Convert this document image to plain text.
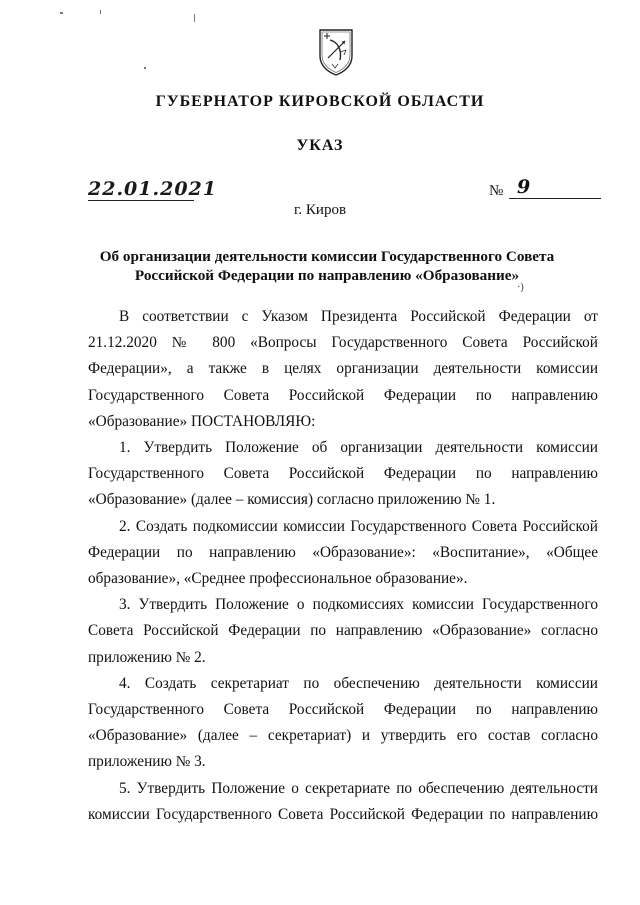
ГУБЕРНАТОР КИРОВСКОЙ ОБЛАСТИ
УКАЗ
22.01.2021	№ 9
г. Киров
Об организации деятельности комиссии Государственного Совета
Российской Федерации по направлению «Образование»
·)

В соответствии с Указом Президента Российской Федерации от 21.12.2020 № 800 «Вопросы Государственного Совета Российской Федерации», а также в целях организации деятельности комиссии Государственного Совета Российской Федерации по направлению «Образование» ПОСТАНОВЛЯЮ:

1. Утвердить Положение об организации деятельности комиссии Государственного Совета Российской Федерации по направлению «Образование» (далее – комиссия) согласно приложению № 1.

2. Создать подкомиссии комиссии Государственного Совета Российской Федерации по направлению «Образование»: «Воспитание», «Общее образование», «Среднее профессиональное образование».

3. Утвердить Положение о подкомиссиях комиссии Государственного Совета Российской Федерации по направлению «Образование» согласно приложению № 2.

4. Создать секретариат по обеспечению деятельности комиссии Государственного Совета Российской Федерации по направлению «Образование» (далее – секретариат) и утвердить его состав согласно приложению № 3.

5. Утвердить Положение о секретариате по обеспечению деятельности комиссии Государственного Совета Российской Федерации по направлению
